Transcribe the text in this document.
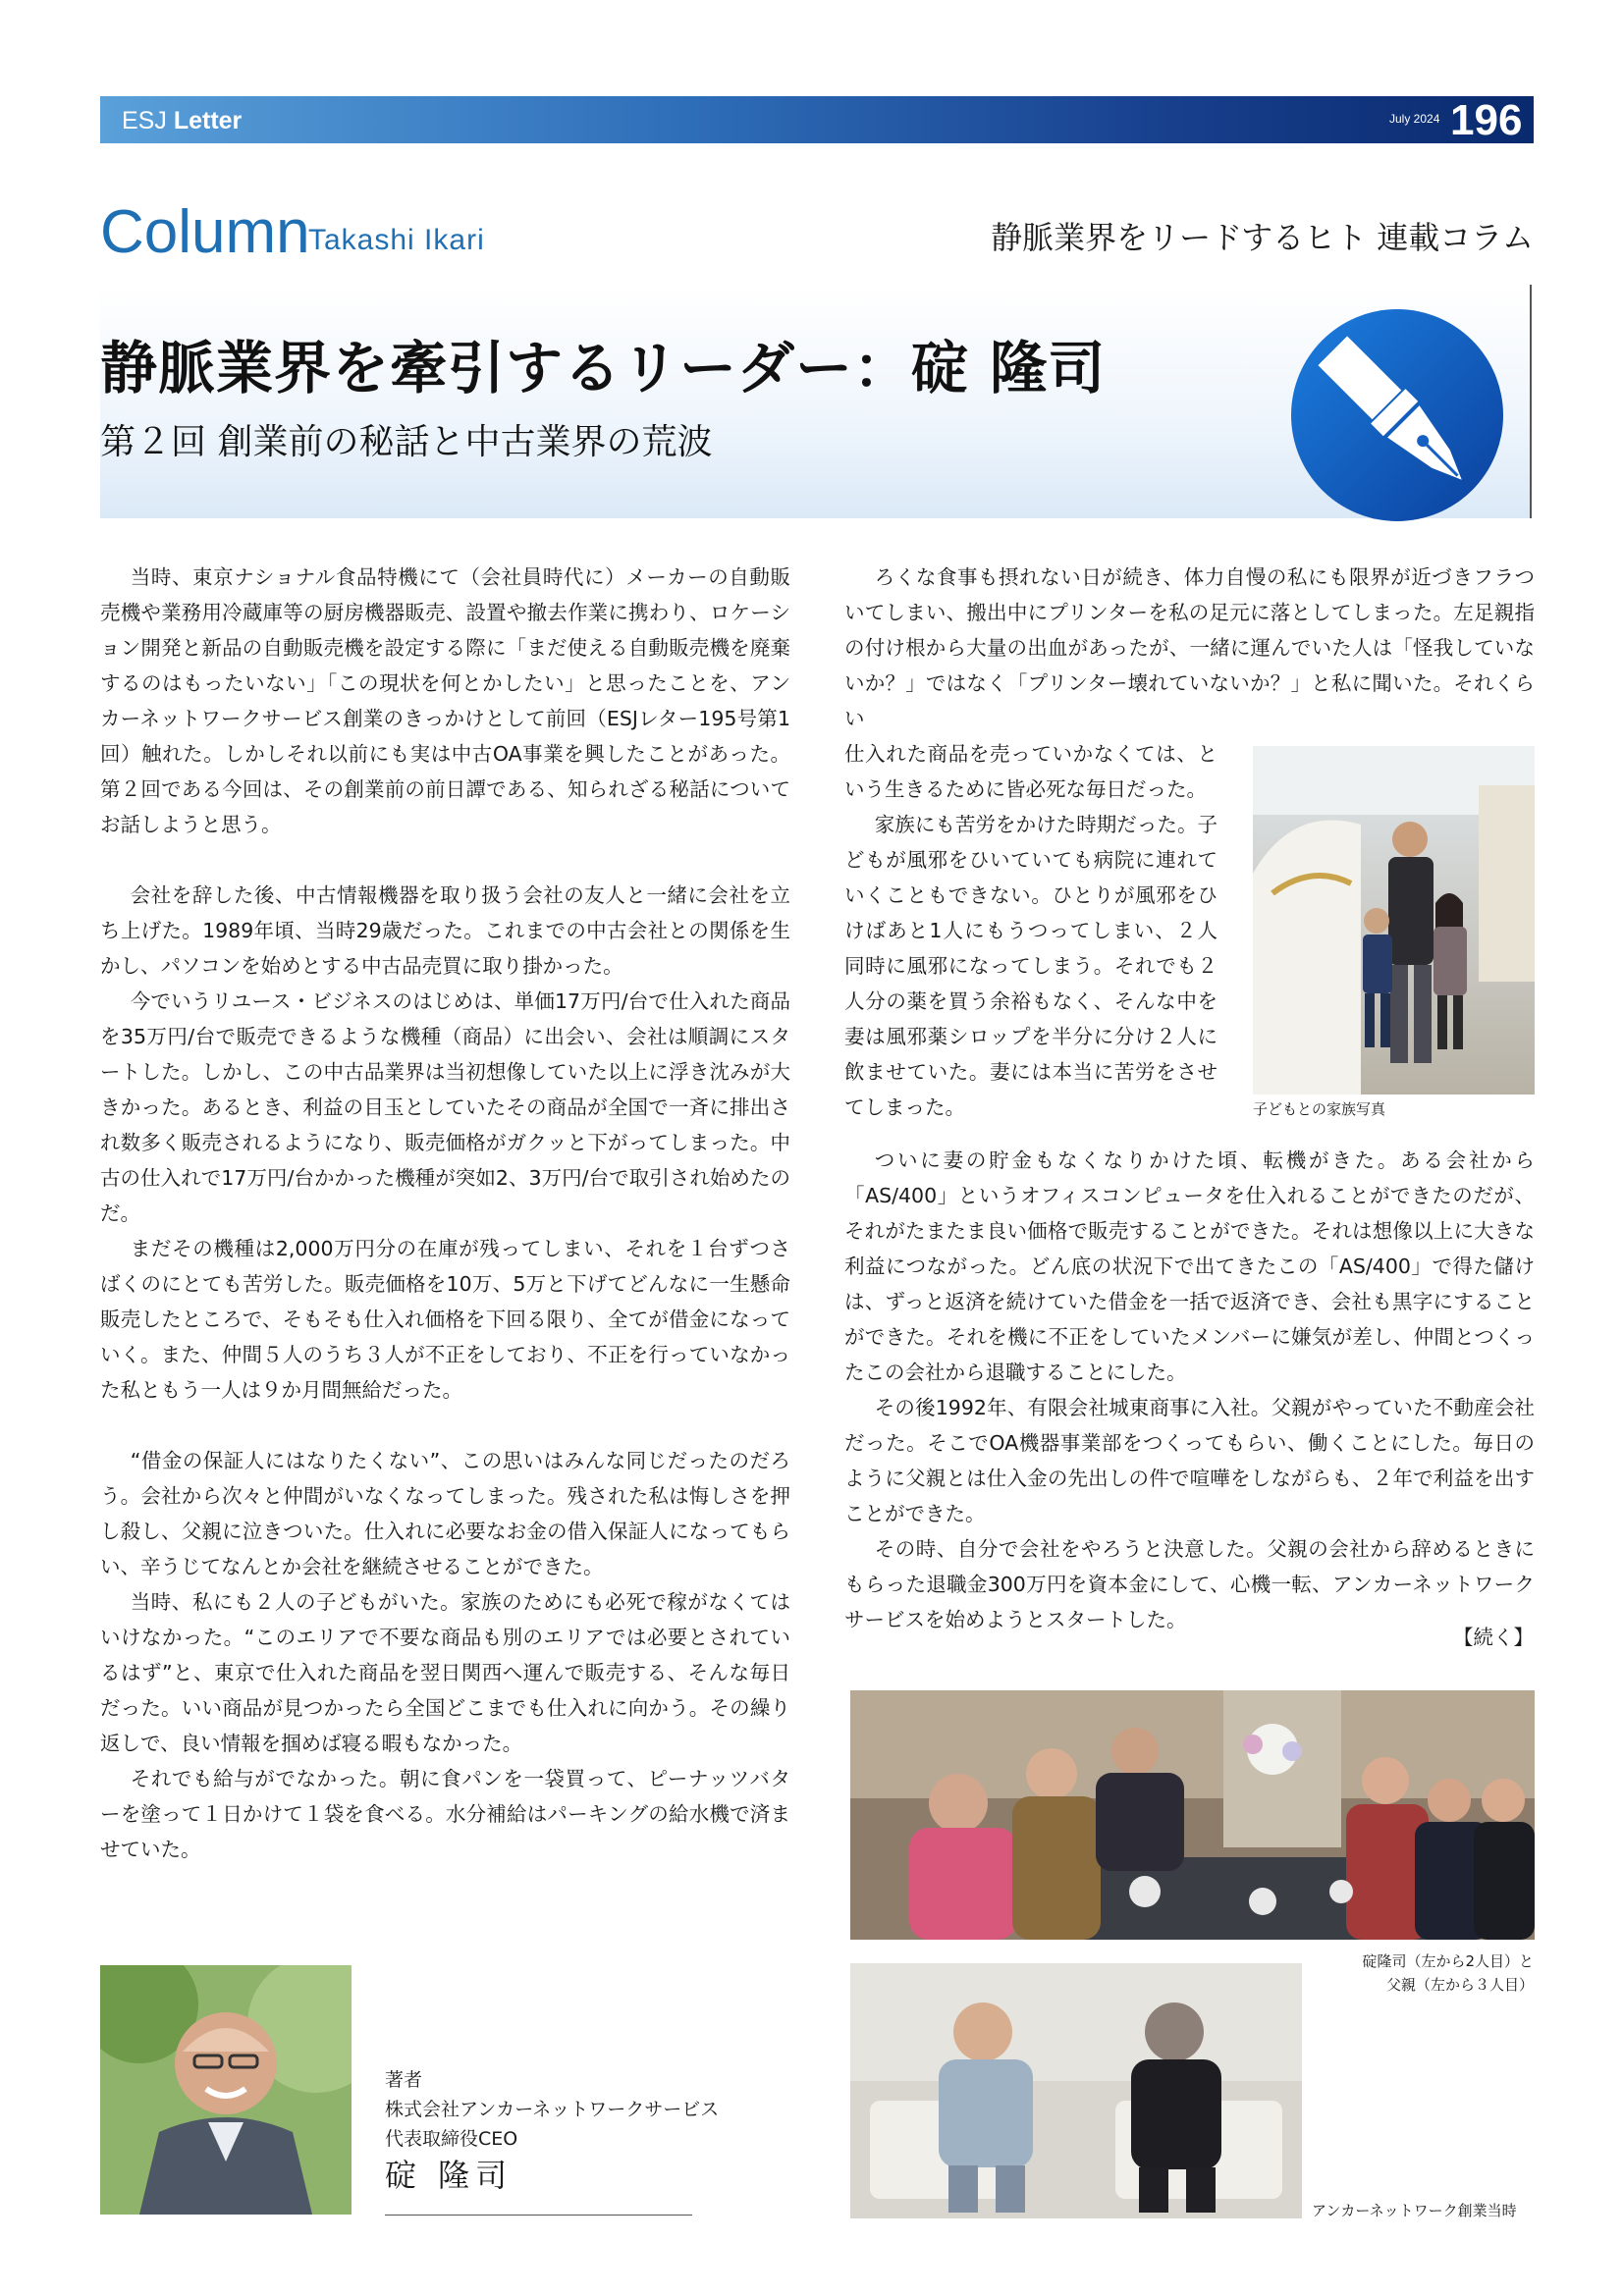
ESJ Letter	July 2024 196
Column
Takashi Ikari	静脈業界をリードするヒト 連載コラム
静脈業界を牽引するリーダー：碇 隆司
第２回 創業前の秘話と中古業界の荒波

当時、東京ナショナル食品特機にて（会社員時代に）メーカーの自動販売機や業務用冷蔵庫等の厨房機器販売、設置や撤去作業に携わり、ロケーション開発と新品の自動販売機を設定する際に「まだ使える自動販売機を廃棄するのはもったいない」「この現状を何とかしたい」と思ったことを、アンカーネットワークサービス創業のきっかけとして前回（ESJレター195号第1回）触れた。しかしそれ以前にも実は中古OA事業を興したことがあった。第２回である今回は、その創業前の前日譚である、知られざる秘話についてお話しようと思う。

会社を辞した後、中古情報機器を取り扱う会社の友人と一緒に会社を立ち上げた。1989年頃、当時29歳だった。これまでの中古会社との関係を生かし、パソコンを始めとする中古品売買に取り掛かった。

今でいうリユース・ビジネスのはじめは、単価17万円/台で仕入れた商品を35万円/台で販売できるような機種（商品）に出会い、会社は順調にスタートした。しかし、この中古品業界は当初想像していた以上に浮き沈みが大きかった。あるとき、利益の目玉としていたその商品が全国で一斉に排出され数多く販売されるようになり、販売価格がガクッと下がってしまった。中古の仕入れで17万円/台かかった機種が突如2、3万円/台で取引され始めたのだ。

まだその機種は2,000万円分の在庫が残ってしまい、それを１台ずつさばくのにとても苦労した。販売価格を10万、5万と下げてどんなに一生懸命販売したところで、そもそも仕入れ価格を下回る限り、全てが借金になっていく。また、仲間５人のうち３人が不正をしており、不正を行っていなかった私ともう一人は９か月間無給だった。

“借金の保証人にはなりたくない”、この思いはみんな同じだったのだろう。会社から次々と仲間がいなくなってしまった。残された私は悔しさを押し殺し、父親に泣きついた。仕入れに必要なお金の借入保証人になってもらい、辛うじてなんとか会社を継続させることができた。

当時、私にも２人の子どもがいた。家族のためにも必死で稼がなくてはいけなかった。“このエリアで不要な商品も別のエリアでは必要とされているはず”と、東京で仕入れた商品を翌日関西へ運んで販売する、そんな毎日だった。いい商品が見つかったら全国どこまでも仕入れに向かう。その繰り返しで、良い情報を掴めば寝る暇もなかった。

それでも給与がでなかった。朝に食パンを一袋買って、ピーナッツバターを塗って１日かけて１袋を食べる。水分補給はパーキングの給水機で済ませていた。

ろくな食事も摂れない日が続き、体力自慢の私にも限界が近づきフラついてしまい、搬出中にプリンターを私の足元に落としてしまった。左足親指の付け根から大量の出血があったが、一緒に運んでいた人は「怪我していないか？」ではなく「プリンター壊れていないか？」と私に聞いた。それくらい

仕入れた商品を売っていかなくては、という生きるために皆必死な毎日だった。

家族にも苦労をかけた時期だった。子どもが風邪をひいていても病院に連れていくこともできない。ひとりが風邪をひけばあと1人にもうつってしまい、２人同時に風邪になってしまう。それでも２人分の薬を買う余裕もなく、そんな中を妻は風邪薬シロップを半分に分け２人に飲ませていた。妻には本当に苦労をさせてしまった。

ついに妻の貯金もなくなりかけた頃、転機がきた。ある会社から「AS/400」というオフィスコンピュータを仕入れることができたのだが、それがたまたま良い価格で販売することができた。それは想像以上に大きな利益につながった。どん底の状況下で出てきたこの「AS/400」で得た儲けは、ずっと返済を続けていた借金を一括で返済でき、会社も黒字にすることができた。それを機に不正をしていたメンバーに嫌気が差し、仲間とつくったこの会社から退職することにした。

その後1992年、有限会社城東商事に入社。父親がやっていた不動産会社だった。そこでOA機器事業部をつくってもらい、働くことにした。毎日のように父親とは仕入金の先出しの件で喧嘩をしながらも、２年で利益を出すことができた。

その時、自分で会社をやろうと決意した。父親の会社から辞めるときにもらった退職金300万円を資本金にして、心機一転、アンカーネットワークサービスを始めようとスタートした。

【続く】
子どもとの家族写真
碇隆司（左から2人目）と
父親（左から３人目）
アンカーネットワーク創業当時
著者
株式会社アンカーネットワークサービス
代表取締役CEO
碇 隆司
